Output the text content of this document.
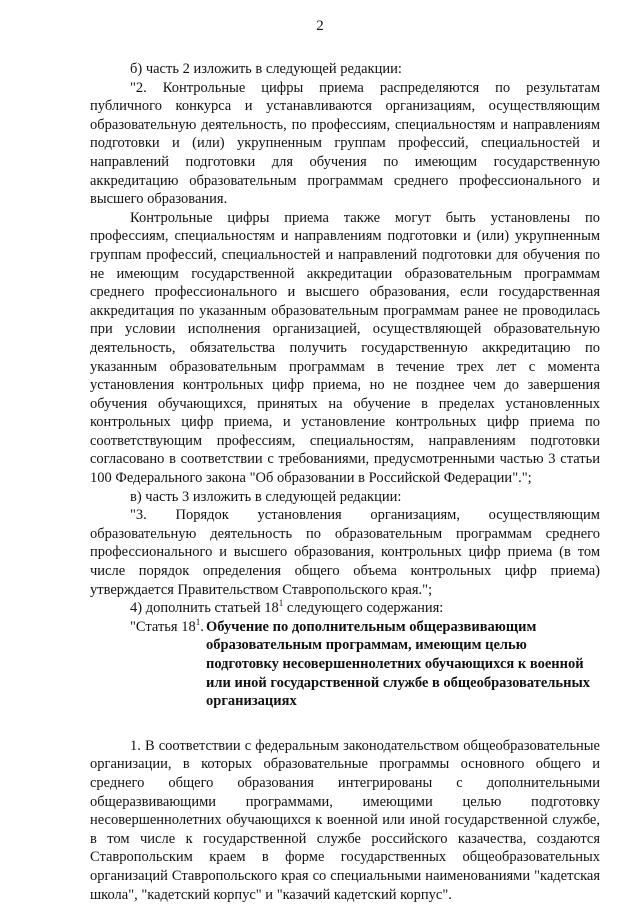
2

б) часть 2 изложить в следующей редакции:

"2. Контрольные цифры приема распределяются по результатам публичного конкурса и устанавливаются организациям, осуществляющим образовательную деятельность, по профессиям, специальностям и направлениям подготовки и (или) укрупненным группам профессий, специальностей и направлений подготовки для обучения по имеющим государственную аккредитацию образовательным программам среднего профессионального и высшего образования.

Контрольные цифры приема также могут быть установлены по профессиям, специальностям и направлениям подготовки и (или) укрупненным группам профессий, специальностей и направлений подготовки для обучения по не имеющим государственной аккредитации образовательным программам среднего профессионального и высшего образования, если государственная аккредитация по указанным образовательным программам ранее не проводилась при условии исполнения организацией, осуществляющей образовательную деятельность, обязательства получить государственную аккредитацию по указанным образовательным программам в течение трех лет с момента установления контрольных цифр приема, но не позднее чем до завершения обучения обучающихся, принятых на обучение в пределах установленных контрольных цифр приема, и установление контрольных цифр приема по соответствующим профессиям, специальностям, направлениям подготовки согласовано в соответствии с требованиями, предусмотренными частью 3 статьи 100 Федерального закона "Об образовании в Российской Федерации".";

в) часть 3 изложить в следующей редакции:

"3. Порядок установления организациям, осуществляющим образовательную деятельность по образовательным программам среднего профессионального и высшего образования, контрольных цифр приема (в том числе порядок определения общего объема контрольных цифр приема) утверждается Правительством Ставропольского края.";

4) дополнить статьей $18^1$ следующего содержания:

"Статья $18^1$. Обучение по дополнительным общеразвивающим образовательным программам, имеющим целью подготовку несовершеннолетних обучающихся к военной или иной государственной службе в общеобразовательных организациях

1. В соответствии с федеральным законодательством общеобразовательные организации, в которых образовательные программы основного общего и среднего общего образования интегрированы с дополнительными общеразвивающими программами, имеющими целью подготовку несовершеннолетних обучающихся к военной или иной государственной службе, в том числе к государственной службе российского казачества, создаются Ставропольским краем в форме государственных общеобразовательных организаций Ставропольского края со специальными наименованиями "кадетская школа", "кадетский корпус" и "казачий кадетский корпус".
